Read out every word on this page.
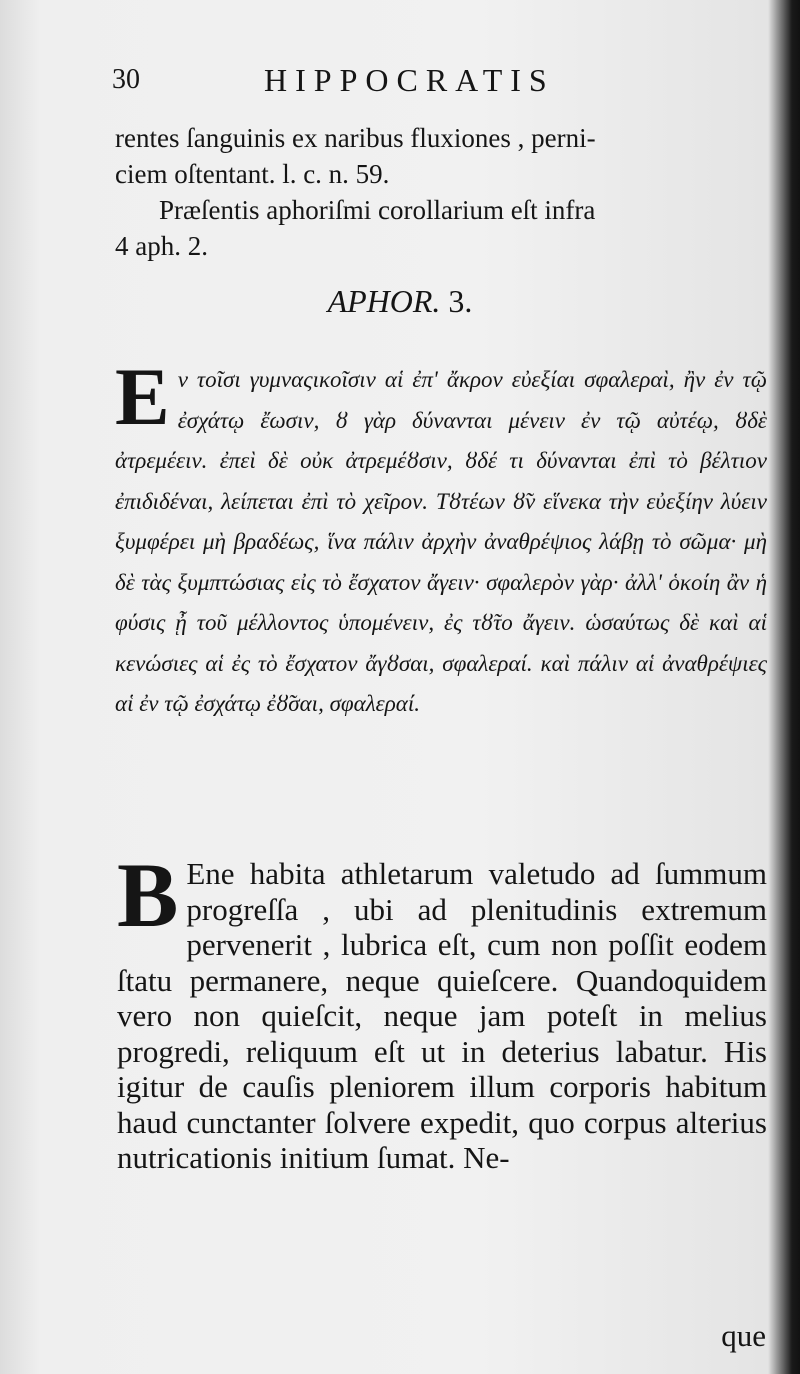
30	HIPPOCRATIS

rentes ſanguinis ex naribus fluxiones , perni-

ciem oſtentant. l. c. n. 59.

Præſentis aphoriſmi corollarium eſt infra

4 aph. 2.

APHOR. 3.
Ε ν τοῖσι γυμναςικοῖσιν αἱ ἐπ' ἄκρον εὐεξίαι σφαλεραὶ, ἢν ἐν τῷ ἐσχάτῳ ἔωσιν, ȣ γὰρ δύνανται μένειν ἐν τῷ αὐτέῳ, ȣδὲ ἀτρεμέειν. ἐπεὶ δὲ οὐκ ἀτρεμέȣσιν, ȣδέ τι δύνανται ἐπὶ τὸ βέλτιον ἐπιδιδέναι, λείπεται ἐπὶ τὸ χεῖρον. Τȣτέων ȣ̃ν εἵνεκα τὴν εὐεξίην λύειν ξυμφέρει μὴ βραδέως, ἵνα πάλιν ἀρχὴν ἀναθρέψιος λάβῃ τὸ σῶμα· μὴ δὲ τὰς ξυμπτώσιας εἰς τὸ ἔσχατον ἄγειν· σφαλερὸν γὰρ· ἀλλ' ὁκοίη ἂν ἡ φύσις ᾖ τοῦ μέλλοντος ὑπομένειν, ἐς τȣ̃το ἄγειν. ὡσαύτως δὲ καὶ αἱ κενώσιες αἱ ἐς τὸ ἔσχατον ἄγȣσαι, σφαλεραί. καὶ πάλιν αἱ ἀναθρέψιες αἱ ἐν τῷ ἐσχάτῳ ἐȣ̃σαι, σφαλεραί.

B Ene habita athletarum valetudo ad ſummum progreſſa , ubi ad plenitudinis extremum pervenerit , lubrica eſt, cum non poſſit eodem ſtatu permanere, neque quieſcere. Quandoquidem vero non quieſcit, neque jam poteſt in melius progredi, reliquum eſt ut in deterius labatur. His igitur de cauſis pleniorem illum corporis habitum haud cunctanter ſolvere expedit, quo corpus alterius nutricationis initium ſumat. Ne-

que
